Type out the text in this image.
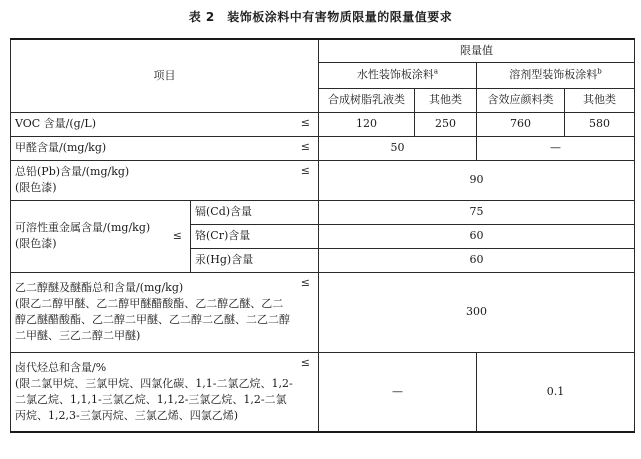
表 2　装饰板涂料中有害物质限量的限量值要求
项目		限量值			
		水性装饰板涂料$^a$		溶剂型装饰板涂料$^b$
		合成树脂乳液类	其他类	含效应颜料类	其他类
VOC 含量/(g/L) ≤		120	250	760	580
甲醛含量/(mg/kg) ≤		50		—	

总铅(Pb)含量/(mg/kg)
(限色漆)
≤		90			

可溶性重金属含量/(mg/kg)
(限色漆)
≤	镉(Cd)含量	75			
	铬(Cr)含量	60			
	汞(Hg)含量	60			

乙二醇醚及醚酯总和含量/(mg/kg)
(限乙二醇甲醚、乙二醇甲醚醋酸酯、乙二醇乙醚、乙二
醇乙醚醋酸酯、乙二醇二甲醚、乙二醇二乙醚、二乙二醇
二甲醚、三乙二醇二甲醚)
≤		300			

卤代烃总和含量/%
(限二氯甲烷、三氯甲烷、四氯化碳、1,1-二氯乙烷、1,2-
二氯乙烷、1,1,1-三氯乙烷、1,1,2-三氯乙烷、1,2-二氯
丙烷、1,2,3-三氯丙烷、三氯乙烯、四氯乙烯)
≤		—		0.1	
